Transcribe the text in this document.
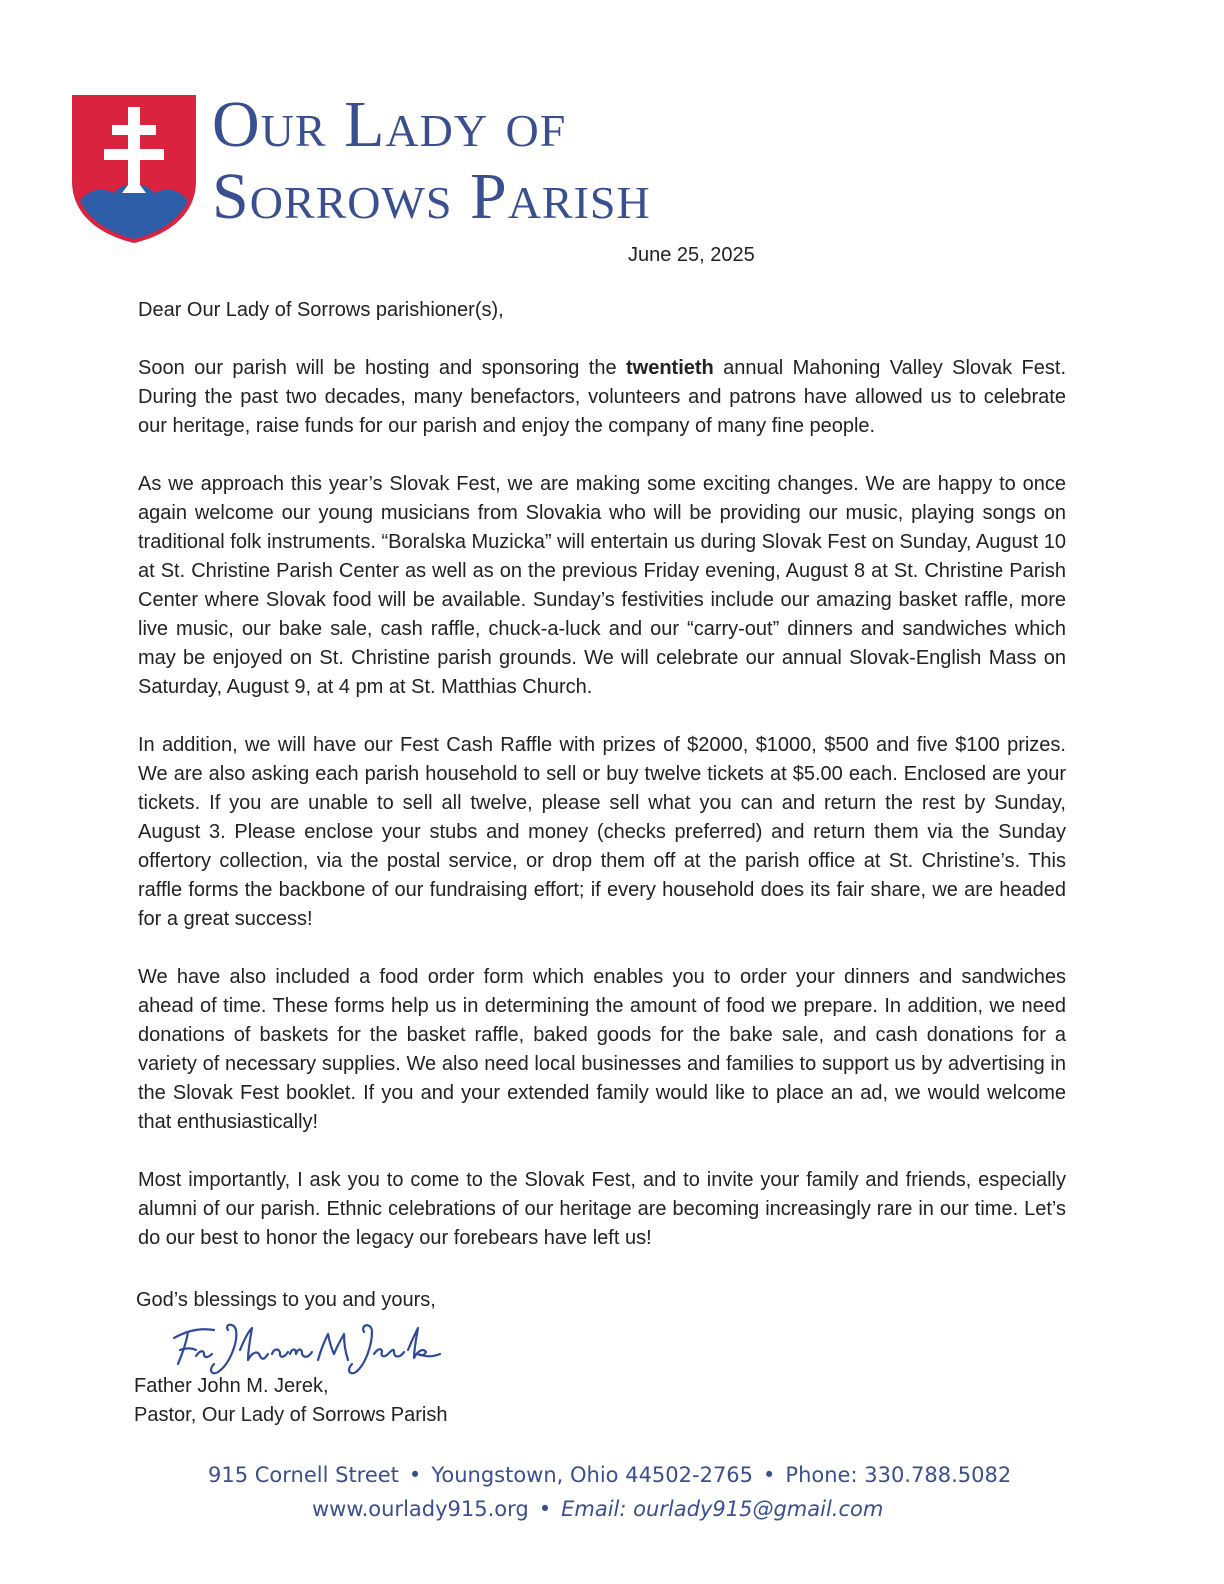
Our Lady of
Sorrows Parish
June 25, 2025

Dear Our Lady of Sorrows parishioner(s),

Soon our parish will be hosting and sponsoring the twentieth annual Mahoning Valley Slovak Fest. During the past two decades, many benefactors, volunteers and patrons have allowed us to celebrate our heritage, raise funds for our parish and enjoy the company of many fine people.

As we approach this year’s Slovak Fest, we are making some exciting changes. We are happy to once again welcome our young musicians from Slovakia who will be providing our music, playing songs on traditional folk instruments. “Boralska Muzicka” will entertain us during Slovak Fest on Sunday, August 10 at St. Christine Parish Center as well as on the previous Friday evening, August 8 at St. Christine Parish Center where Slovak food will be available. Sunday’s festivities include our amazing basket raffle, more live music, our bake sale, cash raffle, chuck-a-luck and our “carry-out” dinners and sandwiches which may be enjoyed on St. Christine parish grounds. We will celebrate our annual Slovak-English Mass on Saturday, August 9, at 4 pm at St. Matthias Church.

In addition, we will have our Fest Cash Raffle with prizes of $2000, $1000, $500 and five $100 prizes. We are also asking each parish household to sell or buy twelve tickets at $5.00 each. Enclosed are your tickets. If you are unable to sell all twelve, please sell what you can and return the rest by Sunday, August 3. Please enclose your stubs and money (checks preferred) and return them via the Sunday offertory collection, via the postal service, or drop them off at the parish office at St. Christine’s. This raffle forms the backbone of our fundraising effort; if every household does its fair share, we are headed for a great success!

We have also included a food order form which enables you to order your dinners and sandwiches ahead of time. These forms help us in determining the amount of food we prepare. In addition, we need donations of baskets for the basket raffle, baked goods for the bake sale, and cash donations for a variety of necessary supplies. We also need local businesses and families to support us by advertising in the Slovak Fest booklet. If you and your extended family would like to place an ad, we would welcome that enthusiastically!

Most importantly, I ask you to come to the Slovak Fest, and to invite your family and friends, especially alumni of our parish. Ethnic celebrations of our heritage are becoming increasingly rare in our time. Let’s do our best to honor the legacy our forebears have left us!

God’s blessings to you and yours,
Father John M. Jerek,
Pastor, Our Lady of Sorrows Parish
915 Cornell Street • Youngstown, Ohio 44502-2765 • Phone: 330.788.5082
www.ourlady915.org • Email: ourlady915@gmail.com
